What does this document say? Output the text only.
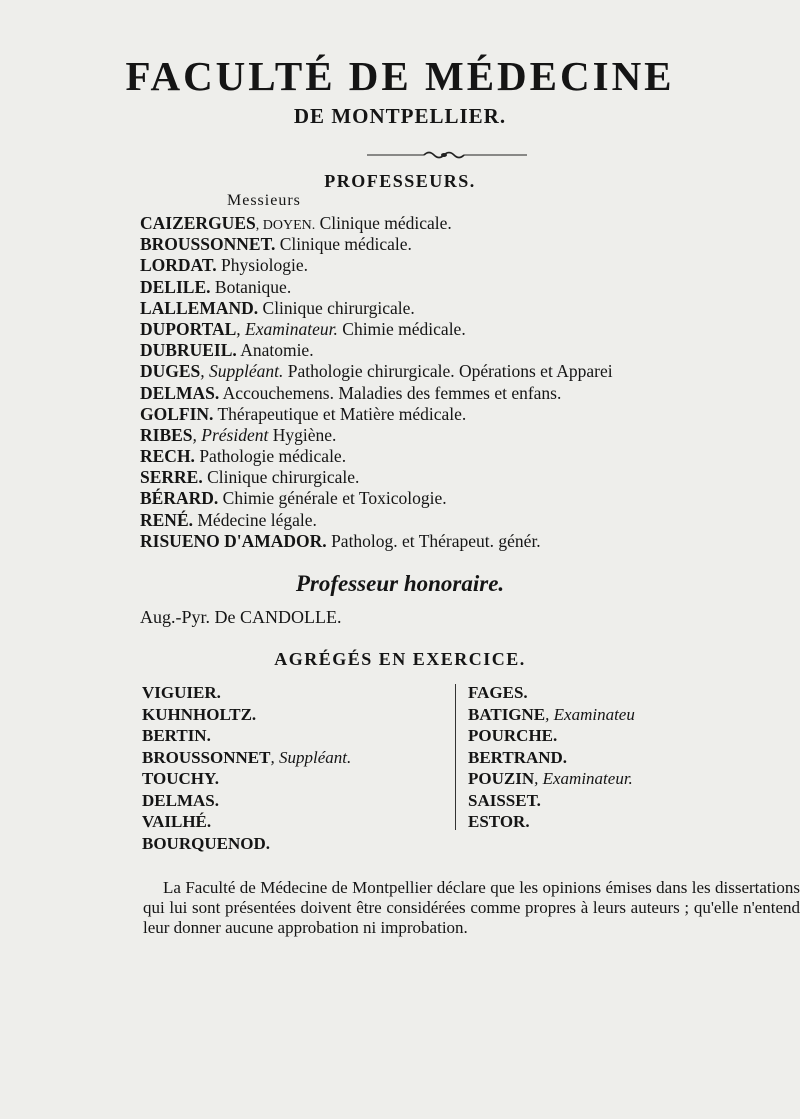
FACULTÉ DE MÉDECINE
DE MONTPELLIER.
PROFESSEURS.
Messieurs
CAIZERGUES, DOYEN. Clinique médicale.
BROUSSONNET. Clinique médicale.
LORDAT. Physiologie.
DELILE. Botanique.
LALLEMAND. Clinique chirurgicale.
DUPORTAL, Examinateur. Chimie médicale.
DUBRUEIL. Anatomie.
DUGES, Suppléant. Pathologie chirurgicale. Opérations et Apparei
DELMAS. Accouchemens. Maladies des femmes et enfans.
GOLFIN. Thérapeutique et Matière médicale.
RIBES, Président Hygiène.
RECH. Pathologie médicale.
SERRE. Clinique chirurgicale.
BÉRARD. Chimie générale et Toxicologie.
RENÉ. Médecine légale.
RISUENO D'AMADOR. Patholog. et Thérapeut. génér.
Professeur honoraire.
Aug.-Pyr. De CANDOLLE.
AGRÉGÉS EN EXERCICE.
VIGUIER.
KUHNHOLTZ.
BERTIN.
BROUSSONNET, Suppléant.
TOUCHY.
DELMAS.
VAILHÉ.
BOURQUENOD.
FAGES.
BATIGNE, Examinateu
POURCHE.
BERTRAND.
POUZIN, Examinateur.
SAISSET.
ESTOR.

La Faculté de Médecine de Montpellier déclare que les opinions émises dans les dissertations qui lui sont présentées doivent être considérées comme propres à leurs auteurs ; qu'elle n'entend leur donner aucune approbation ni improbation.
